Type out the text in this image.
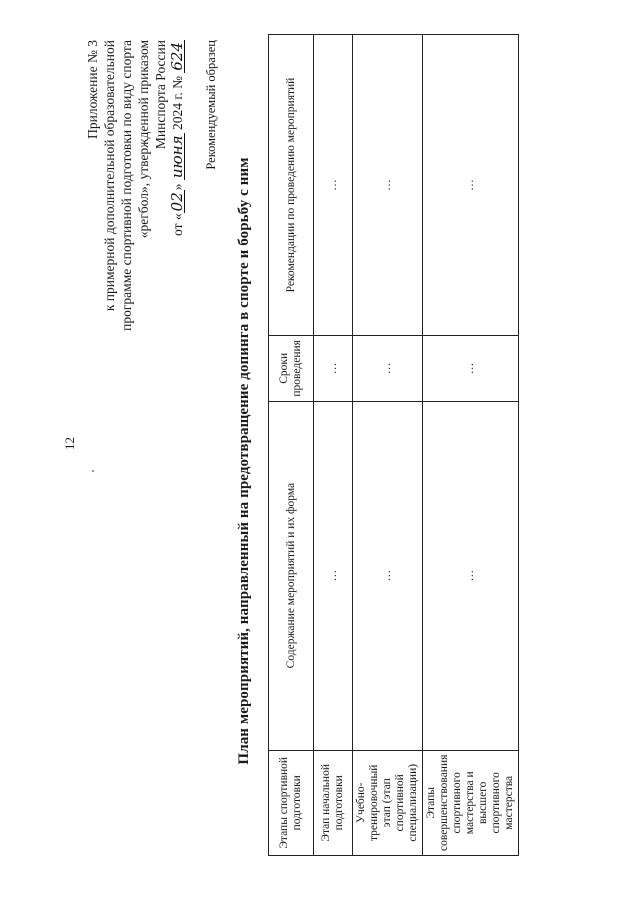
12
Приложение № 3 к примерной дополнительной образовательной программе спортивной подготовки по виду спорта «регбол», утвержденной приказом Минспорта России
от «02» июня 2024 г. № 624 Рекомендуемый образец
План мероприятий, направленный на предотвращение допинга в спорте и борьбу с ним
Этапы спортивной подготовки	Содержание мероприятий и их форма	Сроки проведения	Рекомендации по проведению мероприятий
Этап начальной подготовки	…	…	…
Учебно-тренировочный этап (этап спортивной специализации)	…	…	…
Этапы совершенствования спортивного мастерства и высшего спортивного мастерства	…	…	…
